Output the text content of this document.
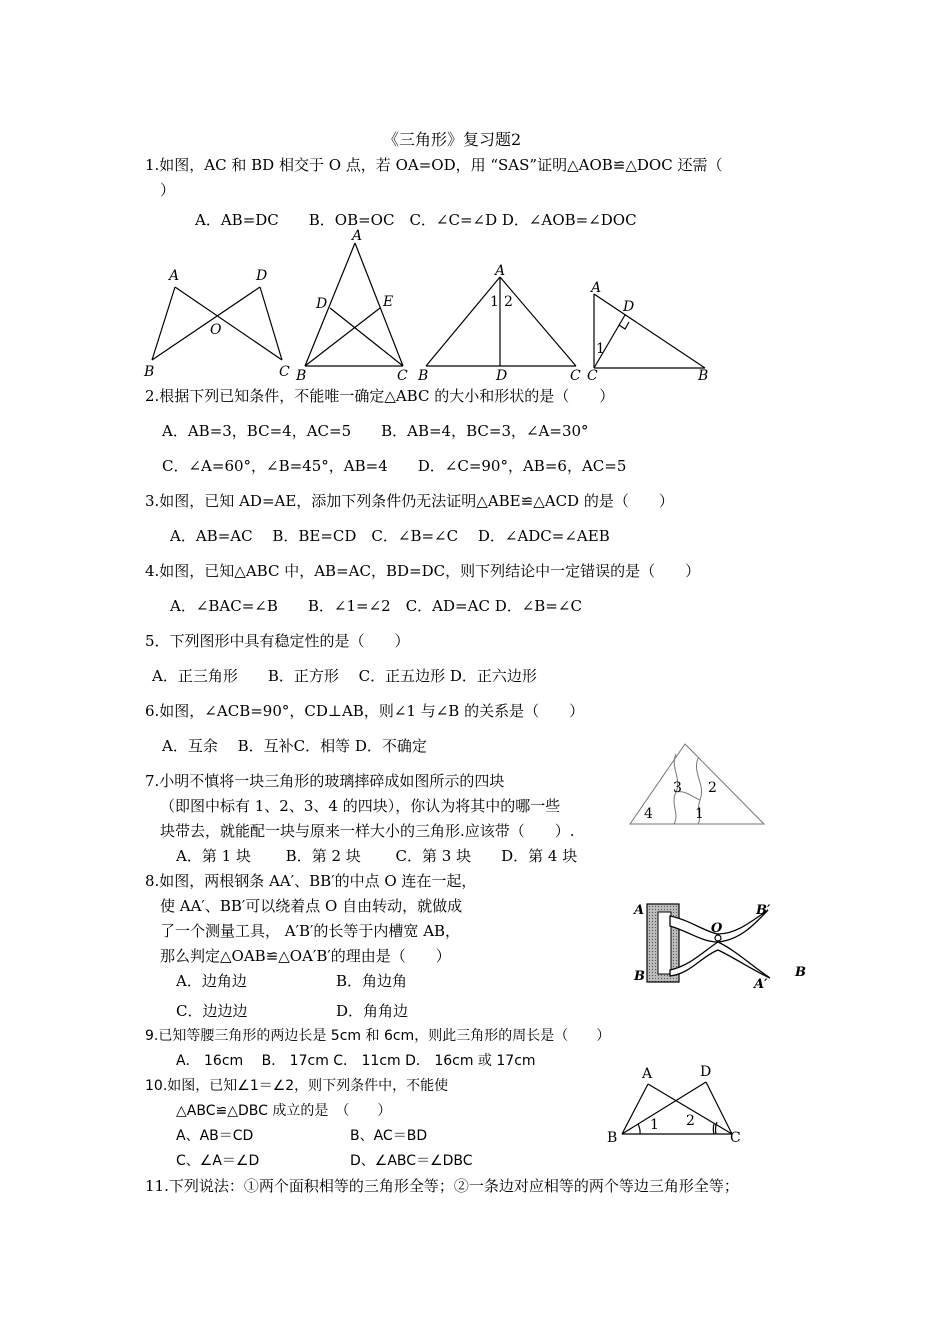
《三角形》复习题2
1.如图，AC 和 BD 相交于 O 点，若 OA=OD，用 “SAS”证明△AOB≌△DOC 还需（
）
A．AB=DC　　B．OB=OC　C．∠C=∠D D．∠AOB=∠DOC
A	D
O
B	C
A
D	E
B	C
A
1 2
B	D	C
A
D
1
C	B
2.根据下列已知条件，不能唯一确定△ABC 的大小和形状的是（　　）
A．AB=3，BC=4，AC=5　　B．AB=4，BC=3，∠A=30°
C．∠A=60°，∠B=45°，AB=4　　D．∠C=90°，AB=6，AC=5
3.如图，已知 AD=AE，添加下列条件仍无法证明△ABE≌△ACD 的是（　　）
A．AB=AC　 B．BE=CD　C．∠B=∠C　 D．∠ADC=∠AEB
4.如图，已知△ABC 中，AB=AC，BD=DC，则下列结论中一定错误的是（　　）
A．∠BAC=∠B　　B．∠1=∠2　C．AD=AC D．∠B=∠C
5．下列图形中具有稳定性的是（　　）
A．正三角形　　B．正方形　 C．正五边形 D．正六边形
6.如图，∠ACB=90°，CD⊥AB，则∠1 与∠B 的关系是（　　）
A．互余　 B．互补C．相等 D．不确定
7.小明不慎将一块三角形的玻璃摔碎成如图所示的四块
（即图中标有 1、2、3、4 的四块），你认为将其中的哪一些
块带去，就能配一块与原来一样大小的三角形.应该带（　　）.
A．第 1 块　　 B．第 2 块　　 C．第 3 块　　D．第 4 块
3 2
4	1
8.如图，两根钢条 AA′、BB′的中点 O 连在一起，
使 AA′、BB′可以绕着点 O 自由转动，就做成
了一个测量工具， A′B′的长等于内槽宽 AB，
那么判定△OAB≌△OA′B′的理由是（　　）
A．边角边	B．角边角
C．边边边	D．角角边
A
B
O
B′
A′
B
9.已知等腰三角形的两边长是 5cm 和 6cm，则此三角形的周长是（　　）
A． 16cm　 B． 17cm C． 11cm D． 16cm 或 17cm
10.如图，已知∠1＝∠2，则下列条件中，不能使
△ABC≌△DBC 成立的是　（　　）
A、AB＝CD	B、AC＝BD
C、∠A＝∠D	D、∠ABC＝∠DBC
A	D
B	C
1 2
11.下列说法：①两个面积相等的三角形全等；②一条边对应相等的两个等边三角形全等；
